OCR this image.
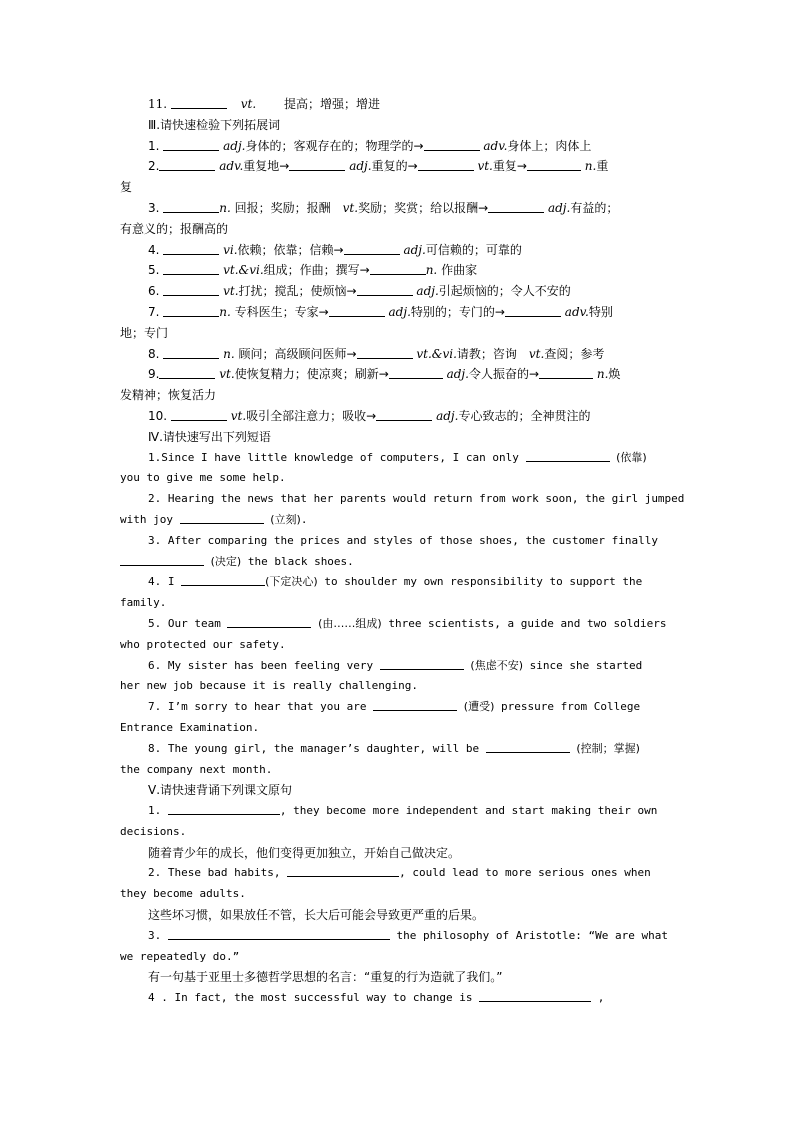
11.	vt. 提高；增强；增进
Ⅲ.请快速检验下列拓展词
1.	adj.身体的；客观存在的；物理学的→	adv.身体上；肉体上
2.	adv.重复地→	adj.重复的→	vt.重复→	n.重
复
3.	n. 回报；奖励；报酬　vt.奖励；奖赏；给以报酬→	adj.有益的；
有意义的；报酬高的
4.	vi.依赖；依靠；信赖→	adj.可信赖的；可靠的
5.	vt.&vi.组成；作曲；撰写→	n. 作曲家
6.	vt.打扰；搅乱；使烦恼→	adj.引起烦恼的；令人不安的
7.	n. 专科医生；专家→	adj.特别的；专门的→	adv.特别
地；专门
8.	n. 顾问；高级顾问医师→	vt.&vi.请教；咨询　vt.查阅；参考
9.	vt.使恢复精力；使凉爽；刷新→	adj.令人振奋的→	n.焕
发精神；恢复活力
10.	vt.吸引全部注意力；吸收→	adj.专心致志的；全神贯注的
Ⅳ.请快速写出下列短语
1.Since I have little knowledge of computers, I can only	(依靠)
you to give me some help.
2. Hearing the news that her parents would return from work soon, the girl jumped
with joy	(立刻).
3. After comparing the prices and styles of those shoes, the customer finally
(决定) the black shoes.
4. I	(下定决心) to shoulder my own responsibility to support the
family.
5. Our team	(由……组成) three scientists, a guide and two soldiers
who protected our safety.
6. My sister has been feeling very	(焦虑不安) since she started
her new job because it is really challenging.
7. I’m sorry to hear that you are	(遭受) pressure from College
Entrance Examination.
8. The young girl, the manager’s daughter, will be	(控制；掌握)
the company next month.
Ⅴ.请快速背诵下列课文原句
1.	, they become more independent and start making their own
decisions.
随着青少年的成长，他们变得更加独立，开始自己做决定。
2. These bad habits,	, could lead to more serious ones when
they become adults.
这些坏习惯，如果放任不管，长大后可能会导致更严重的后果。
3.	the philosophy of Aristotle: “We are what
we repeatedly do.”
有一句基于亚里士多德哲学思想的名言：“重复的行为造就了我们。”
4 . In fact, the most successful way to change is	,
